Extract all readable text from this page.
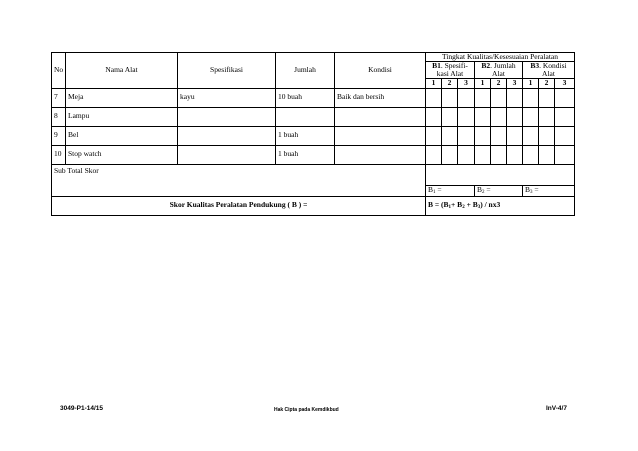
No	Nama Alat	Spesifikasi	Jumlah	Kondisi	Tingkat Kualitas/Kesesuaian Peralatan								
					B1. Spesifi-kasi Alat			B2. Jumlah Alat			B3. Kondisi Alat		
					1	2	3	1	2	3	1	2	3
7	Meja	kayu	10 buah	Baik dan bersih									
8	Lampu												
9	Bel		1 buah										
10	Stop watch		1 buah										
Sub Total Skor													
					$B_1$ =			$B_2$ =			$B_3$ =		
Skor Kualitas Peralatan Pendukung ( B ) =					$B = (B_1+ B_2 + B_3) / nx3$								
3049-P1-14/15	Hak Cipta pada Kemdikbud	InV-4/7
